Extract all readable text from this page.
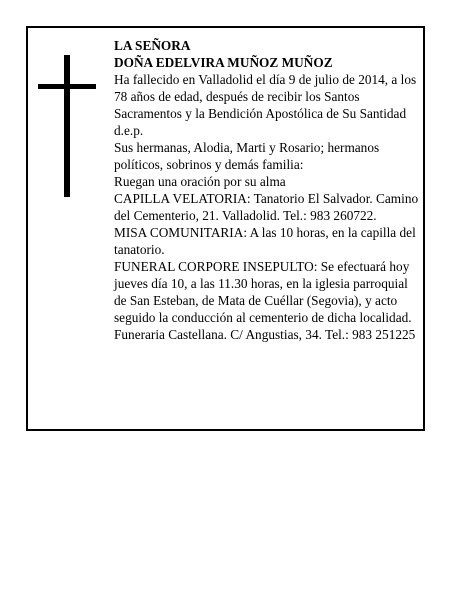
LA SEÑORA

DOÑA EDELVIRA MUÑOZ MUÑOZ

Ha fallecido en Valladolid el día 9 de julio de 2014, a los 78 años de edad, después de recibir los Santos Sacramentos y la Bendición Apostólica de Su Santidad d.e.p.

Sus hermanas, Alodia, Marti y Rosario; hermanos políticos, sobrinos y demás familia:

Ruegan una oración por su alma

CAPILLA VELATORIA: Tanatorio El Salvador. Camino del Cementerio, 21. Valladolid. Tel.: 983 260722.

MISA COMUNITARIA: A las 10 horas, en la capilla del tanatorio.

FUNERAL CORPORE INSEPULTO: Se efectuará hoy jueves día 10, a las 11.30 horas, en la iglesia parroquial de San Esteban, de Mata de Cuéllar (Segovia), y acto seguido la conducción al cementerio de dicha localidad.

Funeraria Castellana. C/ Angustias, 34. Tel.: 983 251225
